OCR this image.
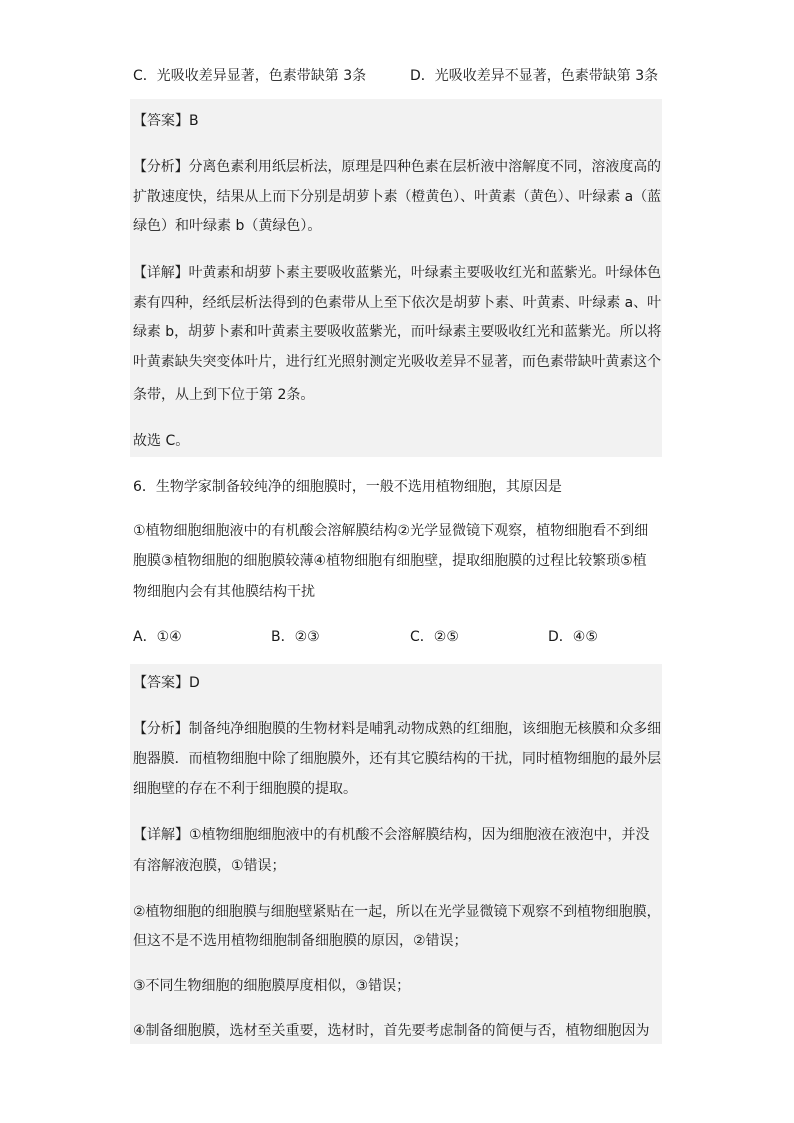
C．光吸收差异显著，色素带缺第 3条	D．光吸收差异不显著，色素带缺第 3条
【答案】B
【分析】分离色素利用纸层析法，原理是四种色素在层析液中溶解度不同，溶液度高的
扩散速度快，结果从上而下分别是胡萝卜素（橙黄色）、叶黄素（黄色）、叶绿素 a（蓝
绿色）和叶绿素 b（黄绿色）。
【详解】叶黄素和胡萝卜素主要吸收蓝紫光，叶绿素主要吸收红光和蓝紫光。叶绿体色
素有四种，经纸层析法得到的色素带从上至下依次是胡萝卜素、叶黄素、叶绿素 a、叶
绿素 b，胡萝卜素和叶黄素主要吸收蓝紫光，而叶绿素主要吸收红光和蓝紫光。所以将
叶黄素缺失突变体叶片，进行红光照射测定光吸收差异不显著，而色素带缺叶黄素这个
条带，从上到下位于第 2条。
故选 C。
6．生物学家制备较纯净的细胞膜时，一般不选用植物细胞，其原因是
①植物细胞细胞液中的有机酸会溶解膜结构②光学显微镜下观察，植物细胞看不到细
胞膜③植物细胞的细胞膜较薄④植物细胞有细胞壁，提取细胞膜的过程比较繁琐⑤植
物细胞内会有其他膜结构干扰
A．①④	B．②③	C．②⑤	D．④⑤
【答案】D
【分析】制备纯净细胞膜的生物材料是哺乳动物成熟的红细胞，该细胞无核膜和众多细
胞器膜．而植物细胞中除了细胞膜外，还有其它膜结构的干扰，同时植物细胞的最外层
细胞壁的存在不利于细胞膜的提取。
【详解】①植物细胞细胞液中的有机酸不会溶解膜结构，因为细胞液在液泡中，并没
有溶解液泡膜，①错误；
②植物细胞的细胞膜与细胞壁紧贴在一起，所以在光学显微镜下观察不到植物细胞膜，
但这不是不选用植物细胞制备细胞膜的原因，②错误；
③不同生物细胞的细胞膜厚度相似，③错误；
④制备细胞膜，选材至关重要，选材时，首先要考虑制备的简便与否，植物细胞因为
